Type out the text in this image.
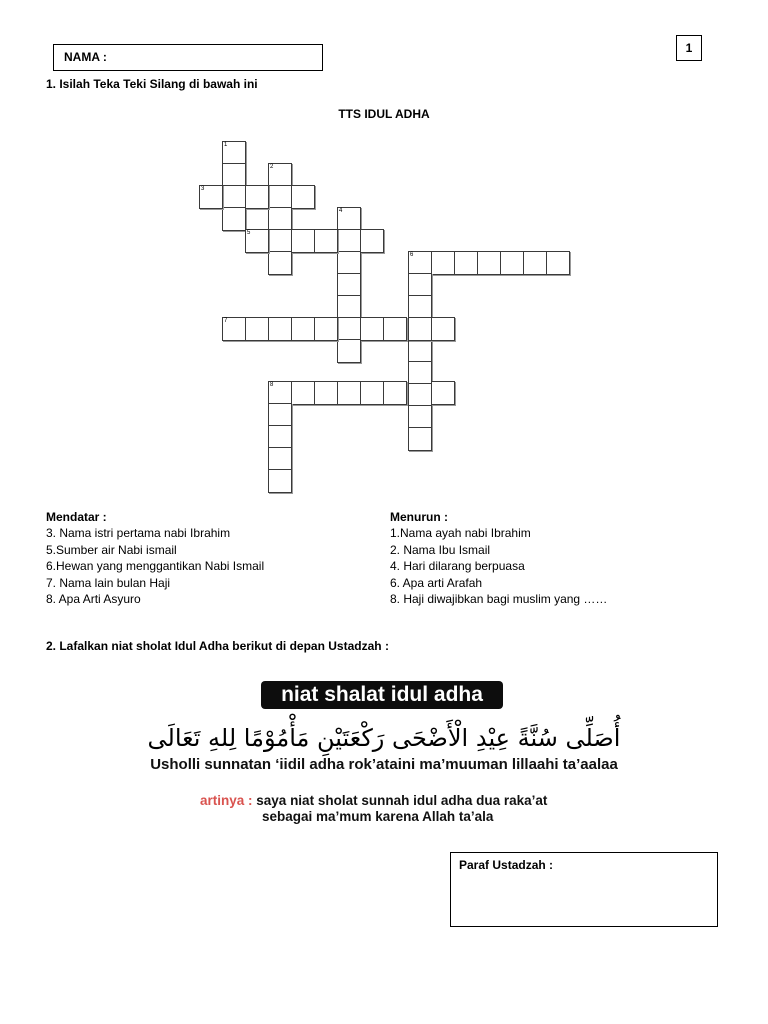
NAMA :
1
1. Isilah Teka Teki Silang di bawah ini
TTS IDUL ADHA
1
2
3
4
5
6
7
8
Mendatar :
3. Nama istri pertama nabi Ibrahim
5.Sumber air Nabi ismail
6.Hewan yang menggantikan Nabi Ismail
7. Nama lain bulan Haji
8. Apa Arti Asyuro
Menurun :
1.Nama ayah nabi Ibrahim
2. Nama Ibu Ismail
4. Hari dilarang berpuasa
6. Apa arti Arafah
8. Haji diwajibkan bagi muslim yang ……
2. Lafalkan niat sholat Idul Adha berikut di depan Ustadzah :
niat shalat idul adha
أُصَلِّى سُنَّةً عِيْدِ الْأَضْحَى رَكْعَتَيْنِ مَأْمُوْمًا لِلهِ تَعَالَى
Usholli sunnatan ‘iidil adha rok’ataini ma’muuman lillaahi ta’aalaa
artinya : saya niat sholat sunnah idul adha dua raka’at
sebagai ma’mum karena Allah ta’ala
Paraf Ustadzah :
